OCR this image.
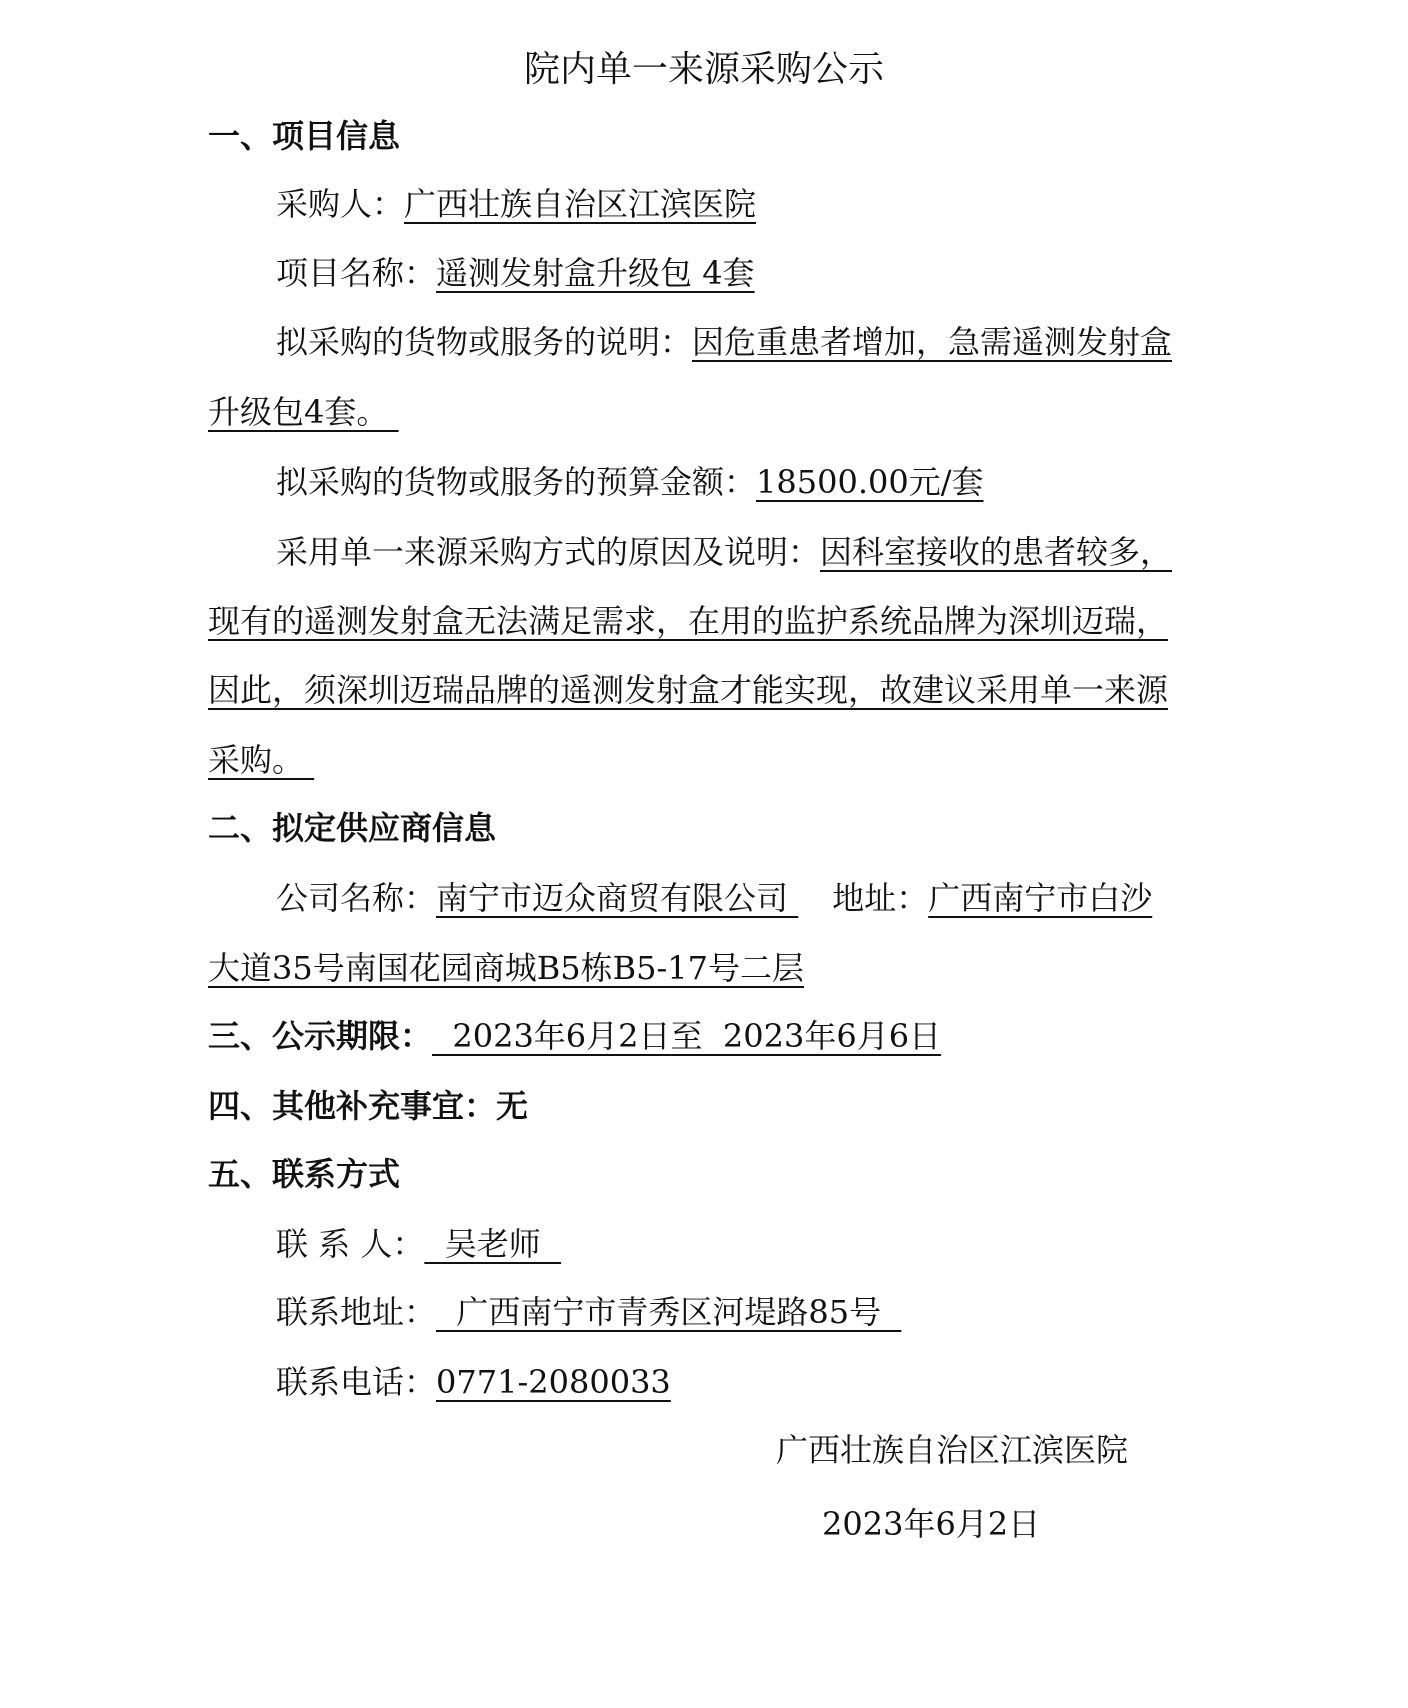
院内单一来源采购公示
一、项目信息
采购人：广西壮族自治区江滨医院
项目名称：遥测发射盒升级包 4套
拟采购的货物或服务的说明：因危重患者增加，急需遥测发射盒
升级包4套。
拟采购的货物或服务的预算金额：18500.00元/套
采用单一来源采购方式的原因及说明：因科室接收的患者较多，
现有的遥测发射盒无法满足需求，在用的监护系统品牌为深圳迈瑞，
因此，须深圳迈瑞品牌的遥测发射盒才能实现，故建议采用单一来源
采购。
二、拟定供应商信息
公司名称：南宁市迈众商贸有限公司 地址：广西南宁市白沙
大道35号南国花园商城B5栋B5-17号二层
三、公示期限：  2023年6月2日至  2023年6月6日
四、其他补充事宜：无
五、联系方式
联 系 人：  吴老师
联系地址：  广西南宁市青秀区河堤路85号
联系电话：0771-2080033
广西壮族自治区江滨医院
2023年6月2日
